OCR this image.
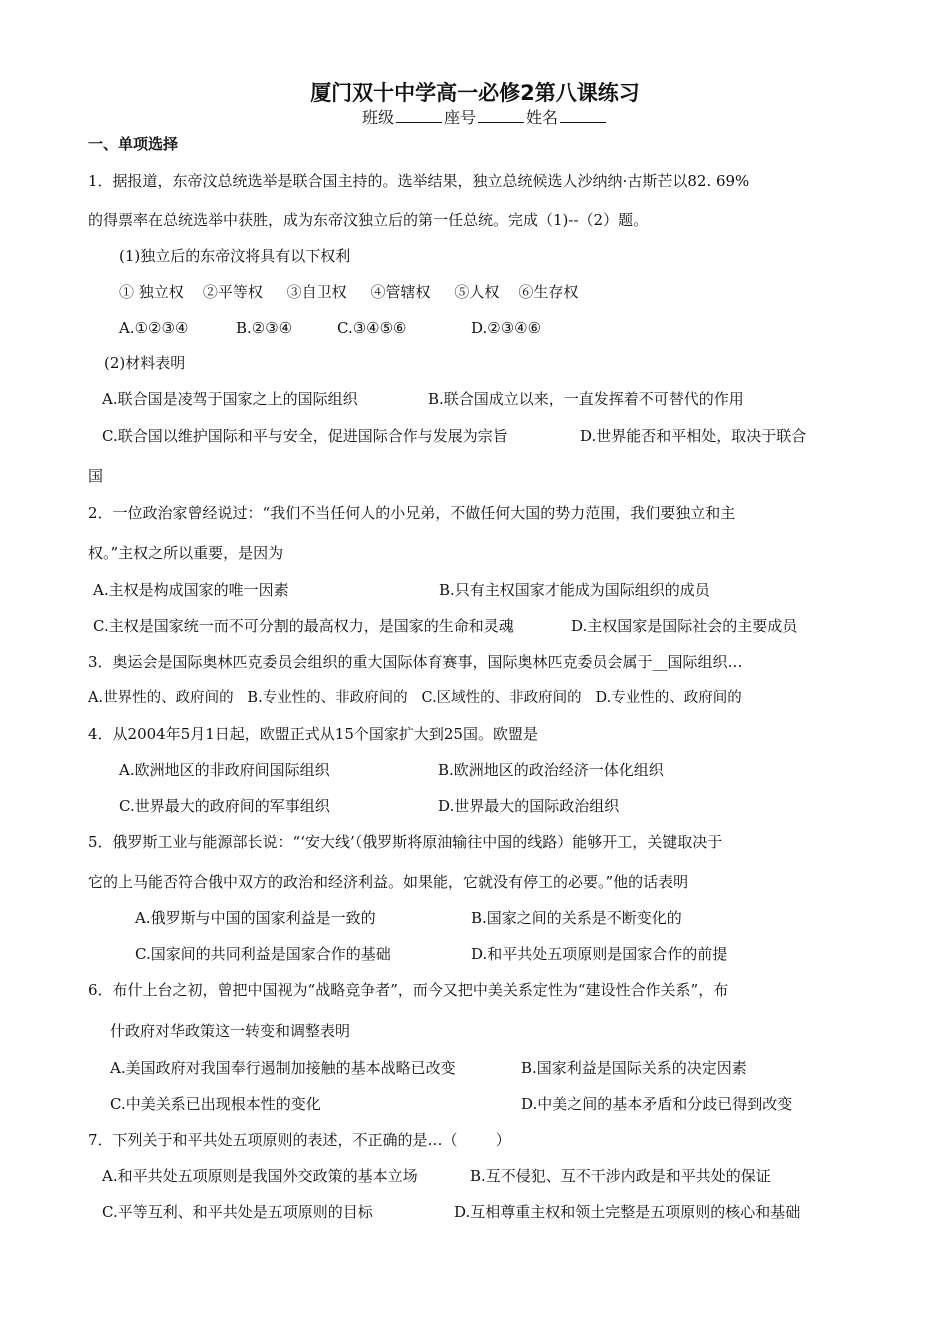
厦门双十中学高一必修2第八课练习
班级	座号	姓名
一、单项选择
1．据报道，东帝汶总统选举是联合国主持的。选举结果，独立总统候选人沙纳纳·古斯芒以82. 69%
的得票率在总统选举中获胜，成为东帝汶独立后的第一任总统。完成（1)--（2）题。
(1)独立后的东帝汶将具有以下权利
① 独立权    ②平等权     ③自卫权     ④管辖权     ⑤人权    ⑥生存权
A.①②③④	B.②③④	C.③④⑤⑥	D.②③④⑥
(2)材料表明
A.联合国是凌驾于国家之上的国际组织	B.联合国成立以来，一直发挥着不可替代的作用
C.联合国以维护国际和平与安全，促进国际合作与发展为宗旨	D.世界能否和平相处，取决于联合
国
2．一位政治家曾经说过：“我们不当任何人的小兄弟，不做任何大国的势力范围，我们要独立和主
权。”主权之所以重要，是因为
A.主权是构成国家的唯一因素	B.只有主权国家才能成为国际组织的成员
C.主权是国家统一而不可分割的最高权力，是国家的生命和灵魂	D.主权国家是国际社会的主要成员
3．奥运会是国际奥林匹克委员会组织的重大国际体育赛事，国际奥林匹克委员会属于__国际组织…
A.世界性的、政府间的   B.专业性的、非政府间的   C.区域性的、非政府间的   D.专业性的、政府间的
4．从2004年5月1日起，欧盟正式从15个国家扩大到25国。欧盟是
A.欧洲地区的非政府间国际组织	B.欧洲地区的政治经济一体化组织
C.世界最大的政府间的军事组织	D.世界最大的国际政治组织
5．俄罗斯工业与能源部长说：“‘安大线’（俄罗斯将原油输往中国的线路）能够开工，关键取决于
它的上马能否符合俄中双方的政治和经济利益。如果能，它就没有停工的必要。”他的话表明
A.俄罗斯与中国的国家利益是一致的	B.国家之间的关系是不断变化的
C.国家间的共同利益是国家合作的基础	D.和平共处五项原则是国家合作的前提
6．布什上台之初，曾把中国视为“战略竞争者”，而今又把中美关系定性为“建设性合作关系”，布
什政府对华政策这一转变和调整表明
A.美国政府对我国奉行遏制加接触的基本战略已改变	B.国家利益是国际关系的决定因素
C.中美关系已出现根本性的变化	D.中美之间的基本矛盾和分歧已得到改变
7．下列关于和平共处五项原则的表述，不正确的是…（        ）
A.和平共处五项原则是我国外交政策的基本立场	B.互不侵犯、互不干涉内政是和平共处的保证
C.平等互利、和平共处是五项原则的目标	D.互相尊重主权和领土完整是五项原则的核心和基础
